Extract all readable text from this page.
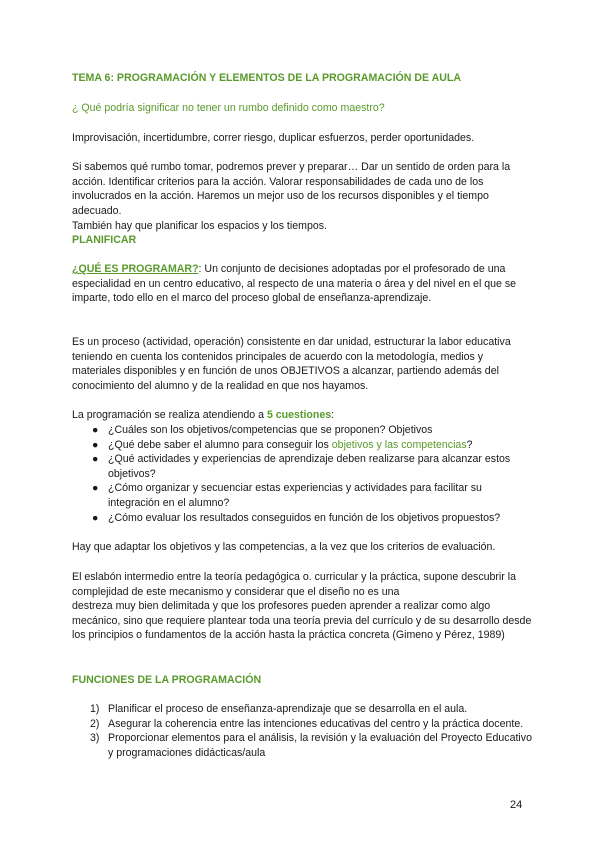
TEMA 6: PROGRAMACIÓN Y ELEMENTOS DE LA PROGRAMACIÓN DE AULA

¿ Qué podría significar no tener un rumbo definido como maestro?

Improvisación, incertidumbre, correr riesgo, duplicar esfuerzos, perder oportunidades.

Si sabemos qué rumbo tomar, podremos prever y preparar… Dar un sentido de orden para la acción. Identificar criterios para la acción. Valorar responsabilidades de cada uno de los involucrados en la acción. Haremos un mejor uso de los recursos disponibles y el tiempo adecuado.

También hay que planificar los espacios y los tiempos.

PLANIFICAR

¿QUÉ ES PROGRAMAR?: Un conjunto de decisiones adoptadas por el profesorado de una especialidad en un centro educativo, al respecto de una materia o área y del nivel en el que se imparte, todo ello en el marco del proceso global de enseñanza-aprendizaje.

Es un proceso (actividad, operación) consistente en dar unidad, estructurar la labor educativa teniendo en cuenta los contenidos principales de acuerdo con la metodología, medios y materiales disponibles y en función de unos OBJETIVOS a alcanzar, partiendo además del conocimiento del alumno y de la realidad en que nos hayamos.

La programación se realiza atendiendo a 5 cuestiones:

● ¿Cuáles son los objetivos/competencias que se proponen? Objetivos
● ¿Qué debe saber el alumno para conseguir los objetivos y las competencias?
● ¿Qué actividades y experiencias de aprendizaje deben realizarse para alcanzar estos objetivos?
● ¿Cómo organizar y secuenciar estas experiencias y actividades para facilitar su integración en el alumno?
● ¿Cómo evaluar los resultados conseguidos en función de los objetivos propuestos?

Hay que adaptar los objetivos y las competencias, a la vez que los criterios de evaluación.

El eslabón intermedio entre la teoría pedagógica o. curricular y la práctica, supone descubrir la complejidad de este mecanismo y considerar que el diseño no es una

destreza muy bien delimitada y que los profesores pueden aprender a realizar como algo mecánico, sino que requiere plantear toda una teoría previa del currículo y de su desarrollo desde los principios o fundamentos de la acción hasta la práctica concreta (Gimeno y Pérez, 1989)

FUNCIONES DE LA PROGRAMACIÓN
1) Planificar el proceso de enseñanza-aprendizaje que se desarrolla en el aula.
2) Asegurar la coherencia entre las intenciones educativas del centro y la práctica docente.
3) Proporcionar elementos para el análisis, la revisión y la evaluación del Proyecto Educativo y programaciones didácticas/aula
24
